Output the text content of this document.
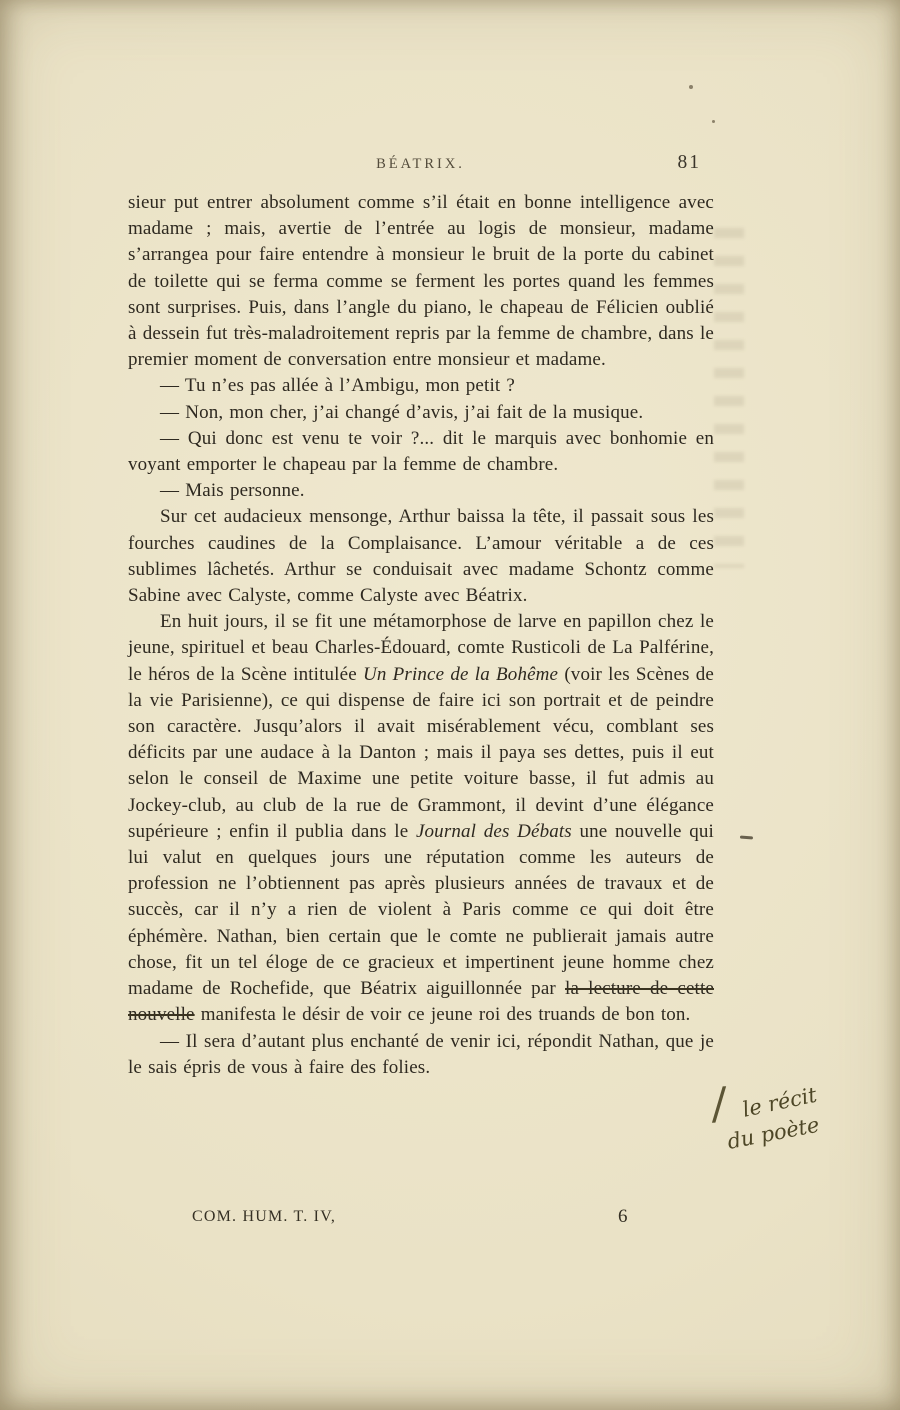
BÉATRIX.	81

sieur put entrer absolument comme s’il était en bonne intelligence avec madame ; mais, avertie de l’entrée au logis de monsieur, madame s’arrangea pour faire entendre à monsieur le bruit de la porte du cabinet de toilette qui se ferma comme se ferment les portes quand les femmes sont surprises. Puis, dans l’angle du piano, le chapeau de Félicien oublié à dessein fut très-maladroitement repris par la femme de chambre, dans le premier moment de conversation entre monsieur et madame.

— Tu n’es pas allée à l’Ambigu, mon petit ?

— Non, mon cher, j’ai changé d’avis, j’ai fait de la musique.

— Qui donc est venu te voir ?... dit le marquis avec bonhomie en voyant emporter le chapeau par la femme de chambre.

— Mais personne.

Sur cet audacieux mensonge, Arthur baissa la tête, il passait sous les fourches caudines de la Complaisance. L’amour véritable a de ces sublimes lâchetés. Arthur se conduisait avec madame Schontz comme Sabine avec Calyste, comme Calyste avec Béatrix.

En huit jours, il se fit une métamorphose de larve en papillon chez le jeune, spirituel et beau Charles-Édouard, comte Rusticoli de La Palférine, le héros de la Scène intitulée Un Prince de la Bohême (voir les Scènes de la vie Parisienne), ce qui dispense de faire ici son portrait et de peindre son caractère. Jusqu’alors il avait misérablement vécu, comblant ses déficits par une audace à la Danton ; mais il paya ses dettes, puis il eut selon le conseil de Maxime une petite voiture basse, il fut admis au Jockey-club, au club de la rue de Grammont, il devint d’une élégance supérieure ; enfin il publia dans le Journal des Débats une nouvelle qui lui valut en quelques jours une réputation comme les auteurs de profession ne l’obtiennent pas après plusieurs années de travaux et de succès, car il n’y a rien de violent à Paris comme ce qui doit être éphémère. Nathan, bien certain que le comte ne publierait jamais autre chose, fit un tel éloge de ce gracieux et impertinent jeune homme chez madame de Rochefide, que Béatrix aiguillonnée par la lecture de cette nouvelle manifesta le désir de voir ce jeune roi des truands de bon ton.

— Il sera d’autant plus enchanté de venir ici, répondit Nathan, que je le sais épris de vous à faire des folies.

/ le récit
du poète
COM. HUM. T. IV,	6
